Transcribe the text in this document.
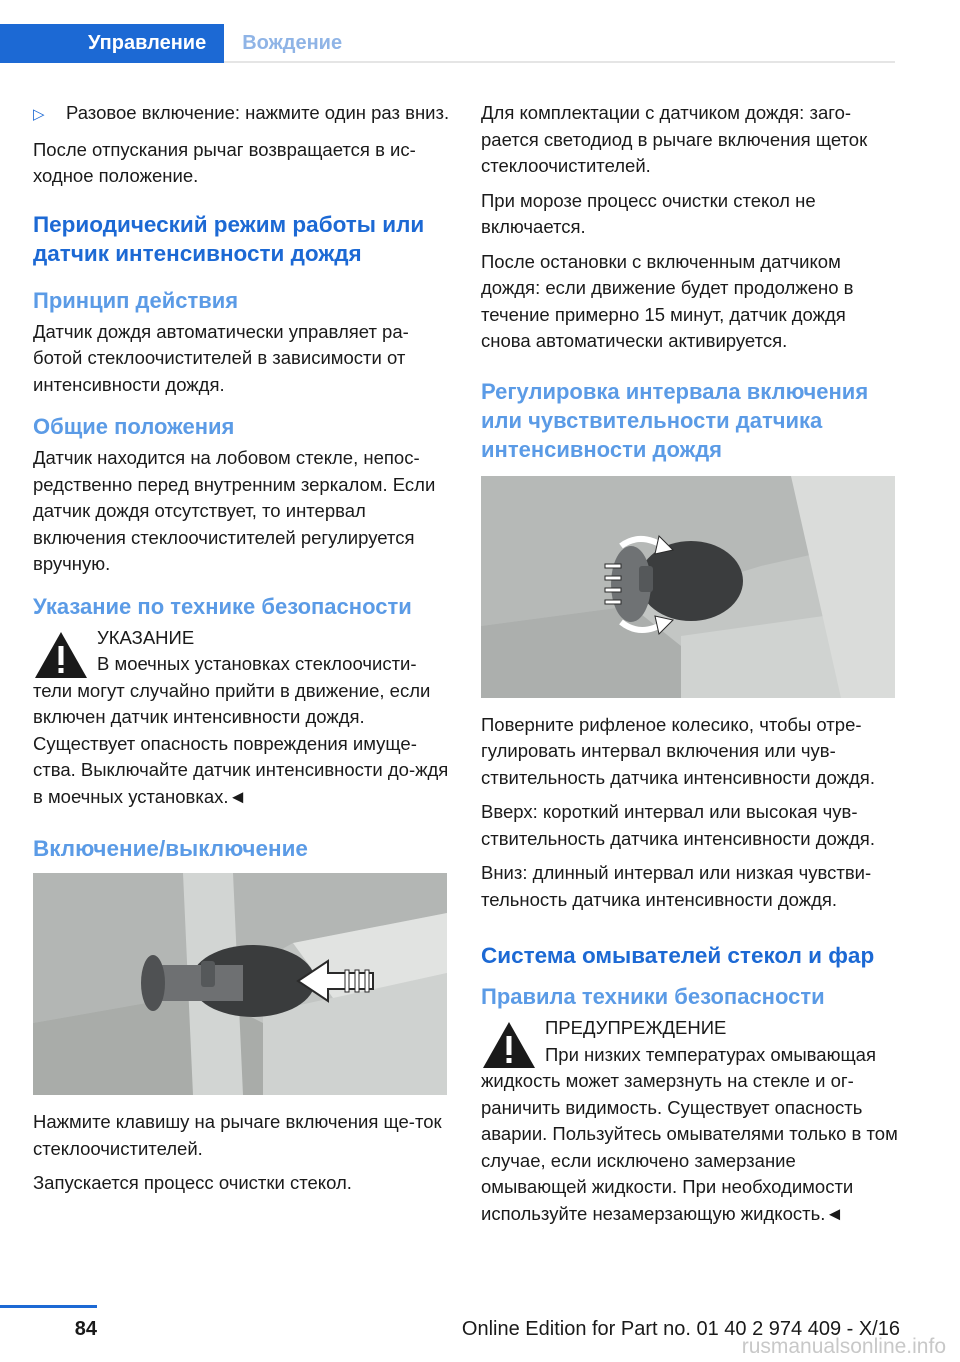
Управление	Вождение
▷	Разовое включение: нажмите один раз вниз.

После отпускания рычаг возвращается в ис-ходное положение.

Периодический режим работы или датчик интенсивности дождя
Принцип действия

Датчик дождя автоматически управляет ра-ботой стеклоочистителей в зависимости от интенсивности дождя.

Общие положения

Датчик находится на лобовом стекле, непос-редственно перед внутренним зеркалом. Если датчик дождя отсутствует, то интервал включения стеклоочистителей регулируется вручную.

Указание по технике безопасности
УКАЗАНИЕ
В моечных установках стеклоочисти-
тели могут случайно прийти в движение, если включен датчик интенсивности дождя. Существует опасность повреждения имуще-ства. Выключайте датчик интенсивности до-ждя в моечных установках.◄
Включение/выключение

Нажмите клавишу на рычаге включения ще-ток стеклоочистителей.

Запускается процесс очистки стекол.

Для комплектации с датчиком дождя: заго-рается светодиод в рычаге включения щеток стеклоочистителей.

При морозе процесс очистки стекол не включается.

После остановки с включенным датчиком дождя: если движение будет продолжено в течение примерно 15 минут, датчик дождя снова автоматически активируется.

Регулировка интервала включения или чувствительности датчика интенсивности дождя

Поверните рифленое колесико, чтобы отре-гулировать интервал включения или чув-ствительность датчика интенсивности дождя.

Вверх: короткий интервал или высокая чув-ствительность датчика интенсивности дождя.

Вниз: длинный интервал или низкая чувстви-тельность датчика интенсивности дождя.

Система омывателей стекол и фар
Правила техники безопасности
ПРЕДУПРЕЖДЕНИЕ
При низких температурах омывающая
жидкость может замерзнуть на стекле и ог-раничить видимость. Существует опасность аварии. Пользуйтесь омывателями только в том случае, если исключено замерзание омывающей жидкости. При необходимости используйте незамерзающую жидкость.◄
84	Online Edition for Part no. 01 40 2 974 409 - X/16
rusmanualsonline.info
